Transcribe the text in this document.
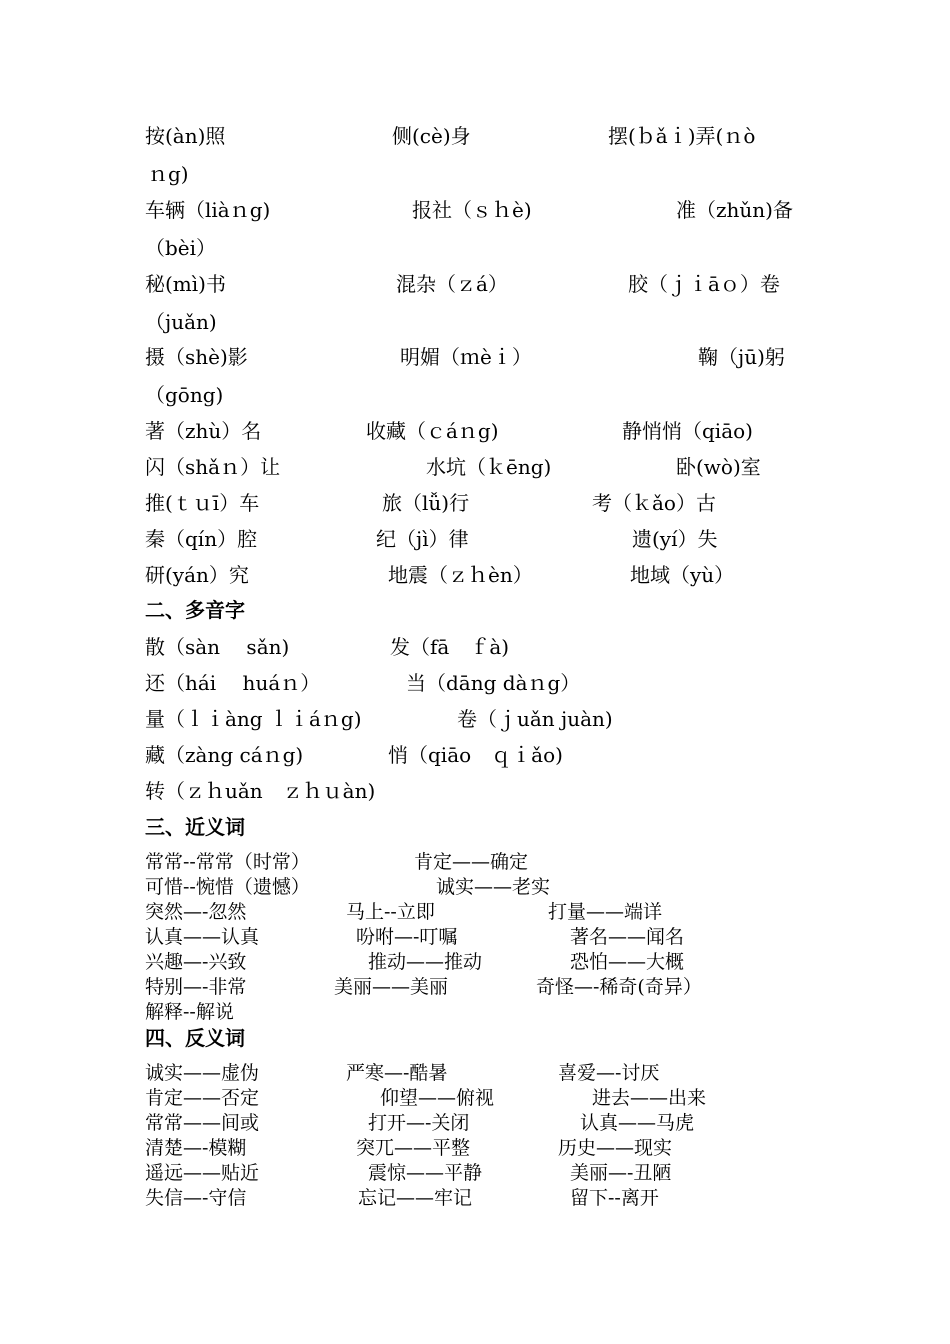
按(àn)照	侧(cè)身	摆(ｂǎｉ)弄(ｎò
ｎg)
车辆（liàｎg)	报社（ｓｈè)	准（zhǔn)备
（bèi）
秘(mì)书	混杂（ｚá）	胶（ｊｉāｏ）卷
（juǎn)
摄（shè)影	明媚（ｍèｉ）	鞠（jū)躬
（gōng)
著（zhù）名	收藏（ｃáｎg)	静悄悄（qiāo)
闪（shǎｎ）让	水坑（ｋēng)	卧(wò)室
推(ｔｕī）车	旅（lǚ)行	考（ｋǎo）古
秦（qín）腔	纪（jì）律	遗(yí）失
研(yán）究	地震（ｚｈèn）	地域（yù）
二、多音字
散（sàn　 sǎn)	发（fā　ｆà)
还（hái　 huáｎ）	当（dāng dàｎg）
量（ｌｉàng ｌｉáｎg)	卷（ｊuǎn juàn)
藏（zàng cáｎg)	悄（qiāo　ｑｉǎo)
转（ｚｈuǎn　ｚｈｕàn)
三、近义词
常常--常常（时常）	肯定——确定
可惜--惋惜（遗憾）	诚实——老实
突然—-忽然	马上--立即	打量——端详
认真——认真	吩咐—-叮嘱	著名——闻名
兴趣—-兴致	推动——推动	恐怕——大概
特别—-非常	美丽——美丽	奇怪—-稀奇(奇异）
解释--解说
四、反义词
诚实——虚伪	严寒—-酷暑	喜爱—-讨厌
肯定——否定	仰望——俯视	进去——出来
常常——间或	打开—-关闭	认真——马虎
清楚—-模糊	突兀——平整	历史——现实
遥远——贴近	震惊——平静	美丽—-丑陋
失信—-守信	忘记——牢记	留下--离开
